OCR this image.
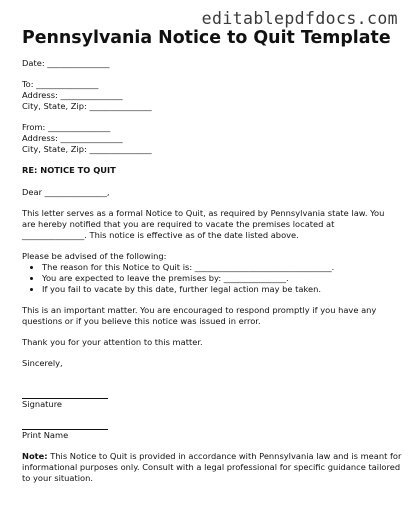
editablepdfdocs.com
Pennsylvania Notice to Quit Template
Date: _______________
To: _______________
Address: _______________
City, State, Zip: _______________
From: _______________
Address: _______________
City, State, Zip: _______________
RE: NOTICE TO QUIT
Dear _______________,
This letter serves as a formal Notice to Quit, as required by Pennsylvania state law. You
are hereby notified that you are required to vacate the premises located at
_______________. This notice is effective as of the date listed above.
Please be advised of the following:
• The reason for this Notice to Quit is: _________________________________.
• You are expected to leave the premises by: _______________.
• If you fail to vacate by this date, further legal action may be taken.
This is an important matter. You are encouraged to respond promptly if you have any
questions or if you believe this notice was issued in error.
Thank you for your attention to this matter.
Sincerely,
Signature
Print Name
Note: This Notice to Quit is provided in accordance with Pennsylvania law and is meant for
informational purposes only. Consult with a legal professional for specific guidance tailored
to your situation.
